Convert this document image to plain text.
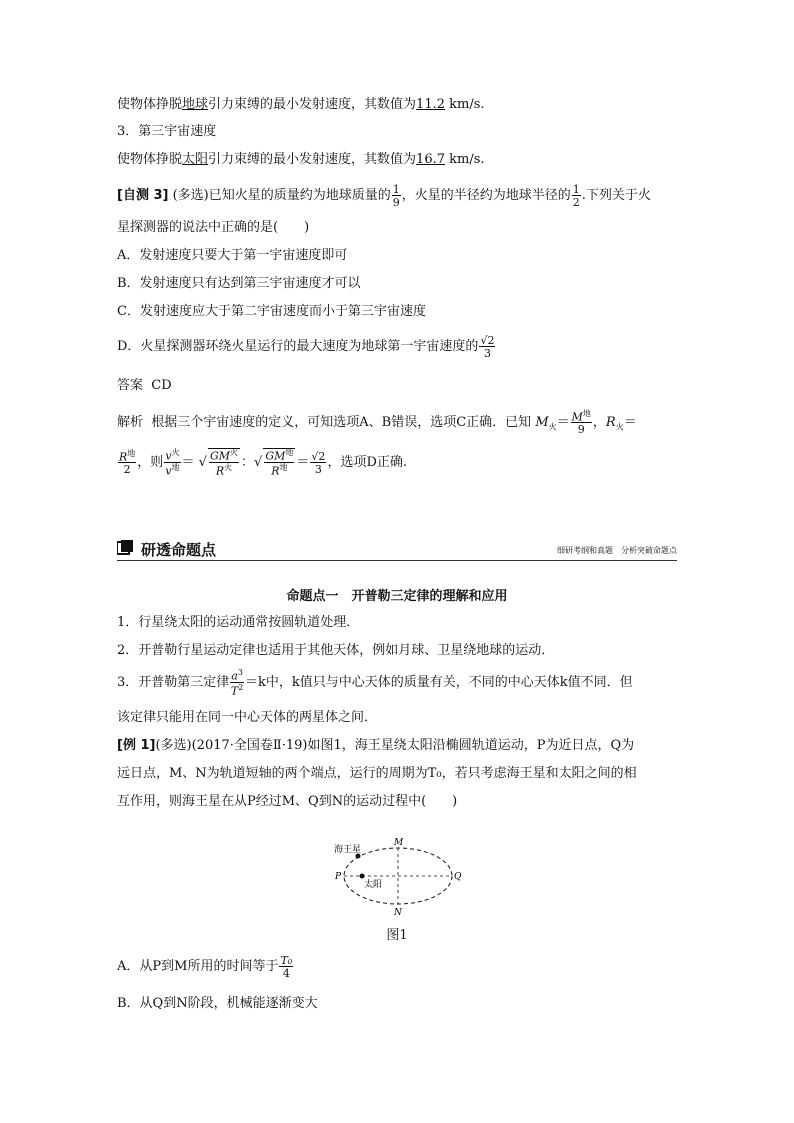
使物体挣脱地球引力束缚的最小发射速度，其数值为11.2 km/s.
3．第三宇宙速度
使物体挣脱太阳引力束缚的最小发射速度，其数值为16.7 km/s.
[自测 3] (多选)已知火星的质量约为地球质量的 $\frac{1}{9}$ ，火星的半径约为地球半径的 $\frac{1}{2}$ .下列关于火
星探测器的说法中正确的是(　　)
A．发射速度只要大于第一宇宙速度即可
B．发射速度只有达到第三宇宙速度才可以
C．发射速度应大于第二宇宙速度而小于第三宇宙速度
D．火星探测器环绕火星运行的最大速度为地球第一宇宙速度的 $\frac{√2}{3}$
答案 CD
解析 根据三个宇宙速度的定义，可知选项A、B错误，选项C正确．已知 $M_火= \frac{M^地}{9}$ ，$R_火=$
$\frac{R^地}{2}$ ，则 $\frac{v^火}{v^地}$ ＝ √ $\frac{GM^火}{R^火}$ ：√ $\frac{GM^地}{R^地} = \frac{√2}{3}$ ，选项D正确.
研透命题点	细研考纲和真题　分析突破命题点
命题点一　开普勒三定律的理解和应用
1．行星绕太阳的运动通常按圆轨道处理．
2．开普勒行星运动定律也适用于其他天体，例如月球、卫星绕地球的运动．
3．开普勒第三定律 $\frac{a^3}{T^2} =k$中，k值只与中心天体的质量有关，不同的中心天体k值不同．但
该定律只能用在同一中心天体的两星体之间．
[例 1](多选)(2017·全国卷Ⅱ·19)如图1，海王星绕太阳沿椭圆轨道运动，P为近日点，Q为
远日点，M、N为轨道短轴的两个端点，运行的周期为T₀，若只考虑海王星和太阳之间的相
互作用，则海王星在从P经过M、Q到N的运动过程中(　　)
海王星
太阳
P	Q
M
N
图1
A．从P到M所用的时间等于 $\frac{\text{T₀}}{4}$
B．从Q到N阶段，机械能逐渐变大
